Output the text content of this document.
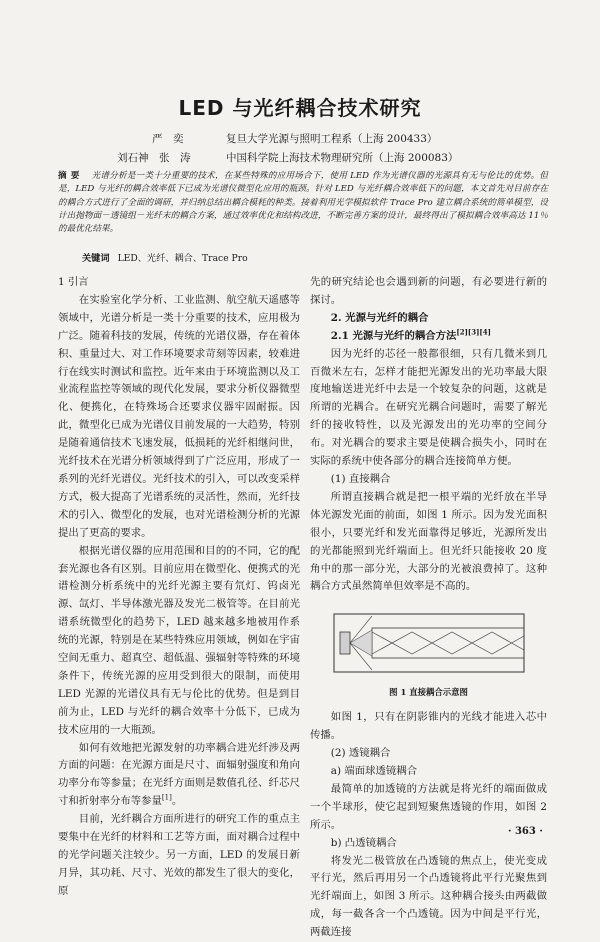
LED 与光纤耦合技术研究
严　奕	复旦大学光源与照明工程系（上海 200433）
刘石神　张　涛	中国科学院上海技术物理研究所（上海 200083）
摘要 光谱分析是一类十分重要的技术，在某些特殊的应用场合下，使用 LED 作为光谱仪器的光源具有无与伦比的优势。但是，LED 与光纤的耦合效率低下已成为光谱仪微型化应用的瓶颈。针对 LED 与光纤耦合效率低下的问题，本文首先对目前存在的耦合方式进行了全面的调研，并归纳总结出耦合模耗的种类。接着利用光学模拟软件 Trace Pro 建立耦合系统的简单模型，设计出抛物面－透镜组－光纤末的耦合方案，通过效率优化和结构改进，不断完善方案的设计，最终得出了模拟耦合效率高达 11％的最优化结果。
关键词 LED、光纤、耦合、Trace Pro
1 引言

在实验室化学分析、工业监测、航空航天遥感等领域中，光谱分析是一类十分重要的技术，应用极为广泛。随着科技的发展，传统的光谱仪器，存在着体积、重量过大、对工作环境要求苛刻等因素，较难进行在线实时测试和监控。近年来由于环境监测以及工业流程监控等领域的现代化发展，要求分析仪器微型化、便携化，在特殊场合还要求仪器牢固耐振。因此，微型化已成为光谱仪目前发展的一大趋势，特别是随着通信技术飞速发展，低损耗的光纤相继问世，光纤技术在光谱分析领域得到了广泛应用，形成了一系列的光纤光谱仪。光纤技术的引入，可以改变采样方式，极大提高了光谱系统的灵活性，然而，光纤技术的引入、微型化的发展，也对光谱检测分析的光源提出了更高的要求。

根据光谱仪器的应用范围和目的的不同，它的配套光源也各有区别。目前应用在微型化、便携式的光谱检测分析系统中的光纤光源主要有氘灯、钨卤光源、氙灯、半导体激光器及发光二极管等。在目前光谱系统微型化的趋势下，LED 越来越多地被用作系统的光源，特别是在某些特殊应用领域，例如在宇宙空间无重力、超真空、超低温、强辐射等特殊的环境条件下，传统光源的应用受到很大的限制，而使用 LED 光源的光谱仪具有无与伦比的优势。但是到目前为止，LED 与光纤的耦合效率十分低下，已成为技术应用的一大瓶颈。

如何有效地把光源发射的功率耦合进光纤涉及两方面的问题：在光源方面是尺寸、面辐射强度和角向功率分布等参量；在光纤方面则是数值孔径、纤芯尺寸和折射率分布等参量[1]。

目前，光纤耦合方面所进行的研究工作的重点主要集中在光纤的材料和工艺等方面，面对耦合过程中的光学问题关注较少。另一方面，LED 的发展日新月异，其功耗、尺寸、光效的都发生了很大的变化，原

先的研究结论也会遇到新的问题，有必要进行新的探讨。

2. 光源与光纤的耦合
2.1 光源与光纤的耦合方法[2][3][4]

因为光纤的芯径一般都很细，只有几微米到几百微米左右，怎样才能把光源发出的光功率最大限度地输送进光纤中去是一个较复杂的问题，这就是所谓的光耦合。在研究光耦合问题时，需要了解光纤的接收特性，以及光源发出的光功率的空间分布。对光耦合的要求主要是使耦合损失小，同时在实际的系统中使各部分的耦合连接简单方便。

(1) 直接耦合

所谓直接耦合就是把一根平端的光纤放在半导体光源发光面的前面，如图 1 所示。因为发光面积很小，只要光纤和发光面靠得足够近，光源所发出的光都能照到光纤端面上。但光纤只能接收 20 度角中的那一部分光，大部分的光被浪费掉了。这种耦合方式虽然简单但效率是不高的。

图 1 直接耦合示意图

如图 1，只有在阴影锥内的光线才能进入芯中传播。

(2) 透镜耦合
a) 端面球透镜耦合

最简单的加透镜的方法就是将光纤的端面做成一个半球形，使它起到短聚焦透镜的作用，如图 2 所示。

b) 凸透镜耦合

将发光二极管放在凸透镜的焦点上，使光变成平行光，然后再用另一个凸透镜将此平行光聚焦到光纤端面上，如图 3 所示。这种耦合接头由两截做成，每一截各含一个凸透镜。因为中间是平行光，两截连接

· 363 ·
